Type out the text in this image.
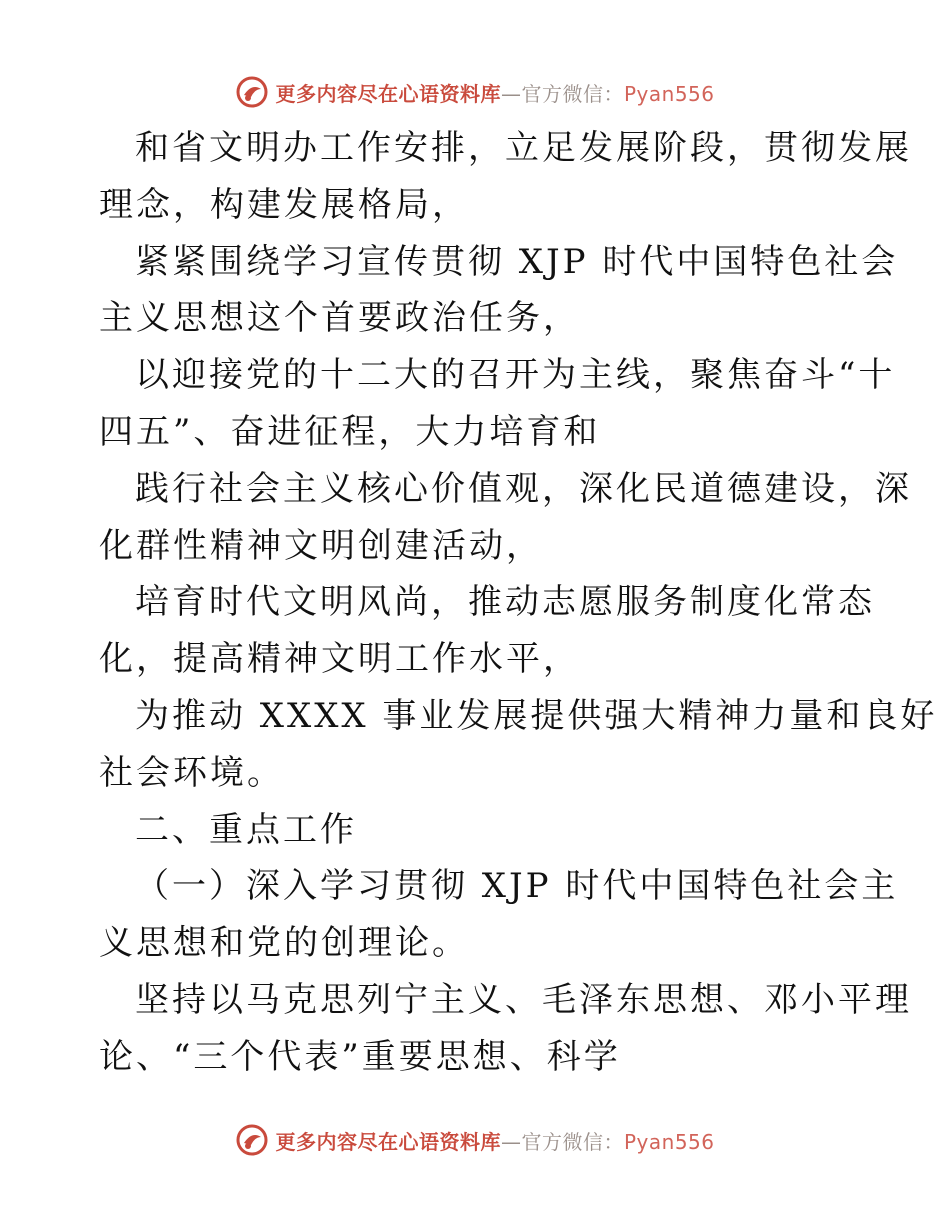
更多内容尽在心语资料库—官方微信：Pyan556
和省文明办工作安排，立足发展阶段，贯彻发展
理念，构建发展格局，
紧紧围绕学习宣传贯彻 XJP 时代中国特色社会
主义思想这个首要政治任务，
以迎接党的十二大的召开为主线，聚焦奋斗“十
四五”、奋进征程，大力培育和
践行社会主义核心价值观，深化民道德建设，深
化群性精神文明创建活动，
培育时代文明风尚，推动志愿服务制度化常态
化，提高精神文明工作水平，
为推动 XXXX 事业发展提供强大精神力量和良好
社会环境。
二、重点工作
（一）深入学习贯彻 XJP 时代中国特色社会主
义思想和党的创理论。
坚持以马克思列宁主义、毛泽东思想、邓小平理
论、“三个代表”重要思想、科学
更多内容尽在心语资料库—官方微信：Pyan556
